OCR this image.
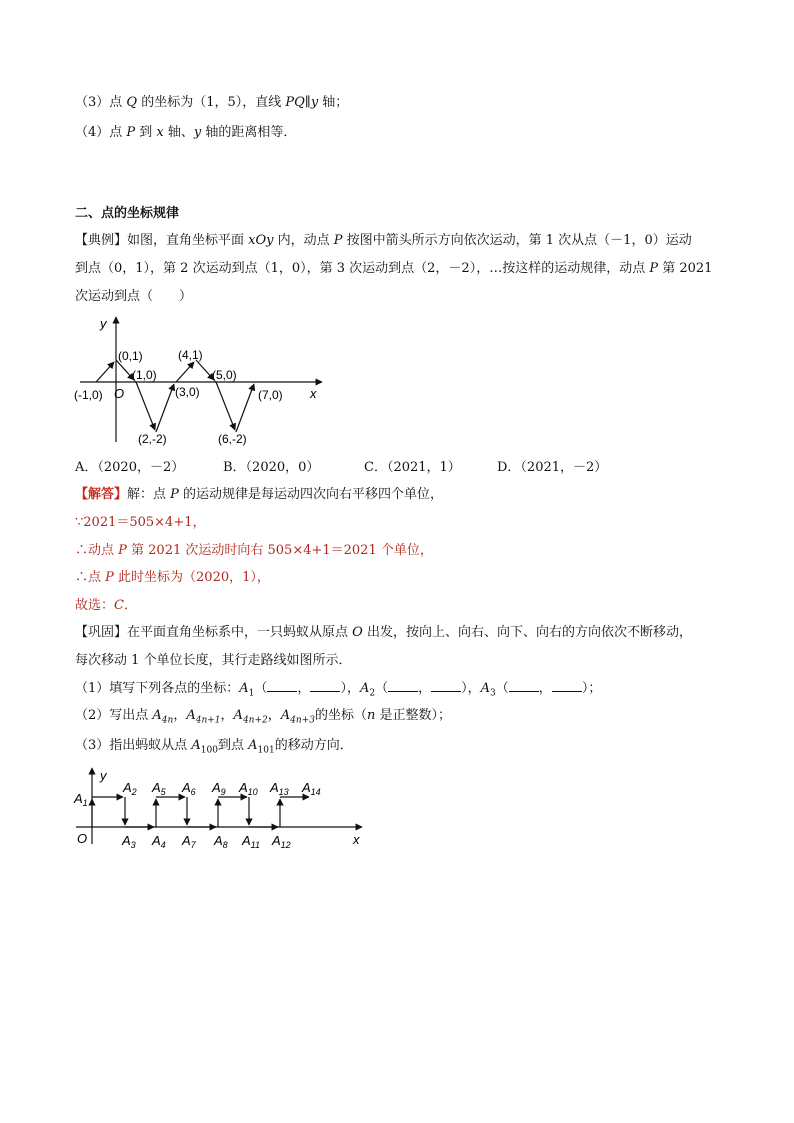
（3）点 Q 的坐标为（1，5），直线 PQ∥y 轴；
（4）点 P 到 x 轴、y 轴的距离相等．
二、点的坐标规律
【典例】如图，直角坐标平面 xOy 内，动点 P 按图中箭头所示方向依次运动，第 1 次从点（－1，0）运动
到点（0，1），第 2 次运动到点（1，0），第 3 次运动到点（2，－2），…按这样的运动规律，动点 P 第 2021
次运动到点（　　）
y
x
O
(0,1)	(4,1)
(1,0)	(5,0)
(-1,0)	(3,0)	(7,0)
(2,-2)	(6,-2)
A．（2020，－2）	B．（2020，0）	C．（2021，1）	D．（2021，－2）
【解答】解：点 P 的运动规律是每运动四次向右平移四个单位，
∵2021＝505×4+1，
∴动点 P 第 2021 次运动时向右 505×4+1＝2021 个单位，
∴点 P 此时坐标为（2020，1），
故选：C．
【巩固】在平面直角坐标系中，一只蚂蚁从原点 O 出发，按向上、向右、向下、向右的方向依次不断移动，
每次移动 1 个单位长度，其行走路线如图所示．
（1）填写下列各点的坐标：$A_1$（ ， ），$A_2$（ ， ），$A_3$（ ， ）；
（2）写出点 $A_{4n}$，$A_{4n+1}$，$A_{4n+2}$，$A_{4n+3}$的坐标（n 是正整数）；
（3）指出蚂蚁从点 $A_{100}$到点 $A_{101}$的移动方向．
y
x
O
$A_1$
$A_2$ $A_5$ $A_6$ $A_9$ $A_{10}$ $A_{13}$ $A_{14}$
$A_3$ $A_4$ $A_7$ $A_8$ $A_{11}$ $A_{12}$
